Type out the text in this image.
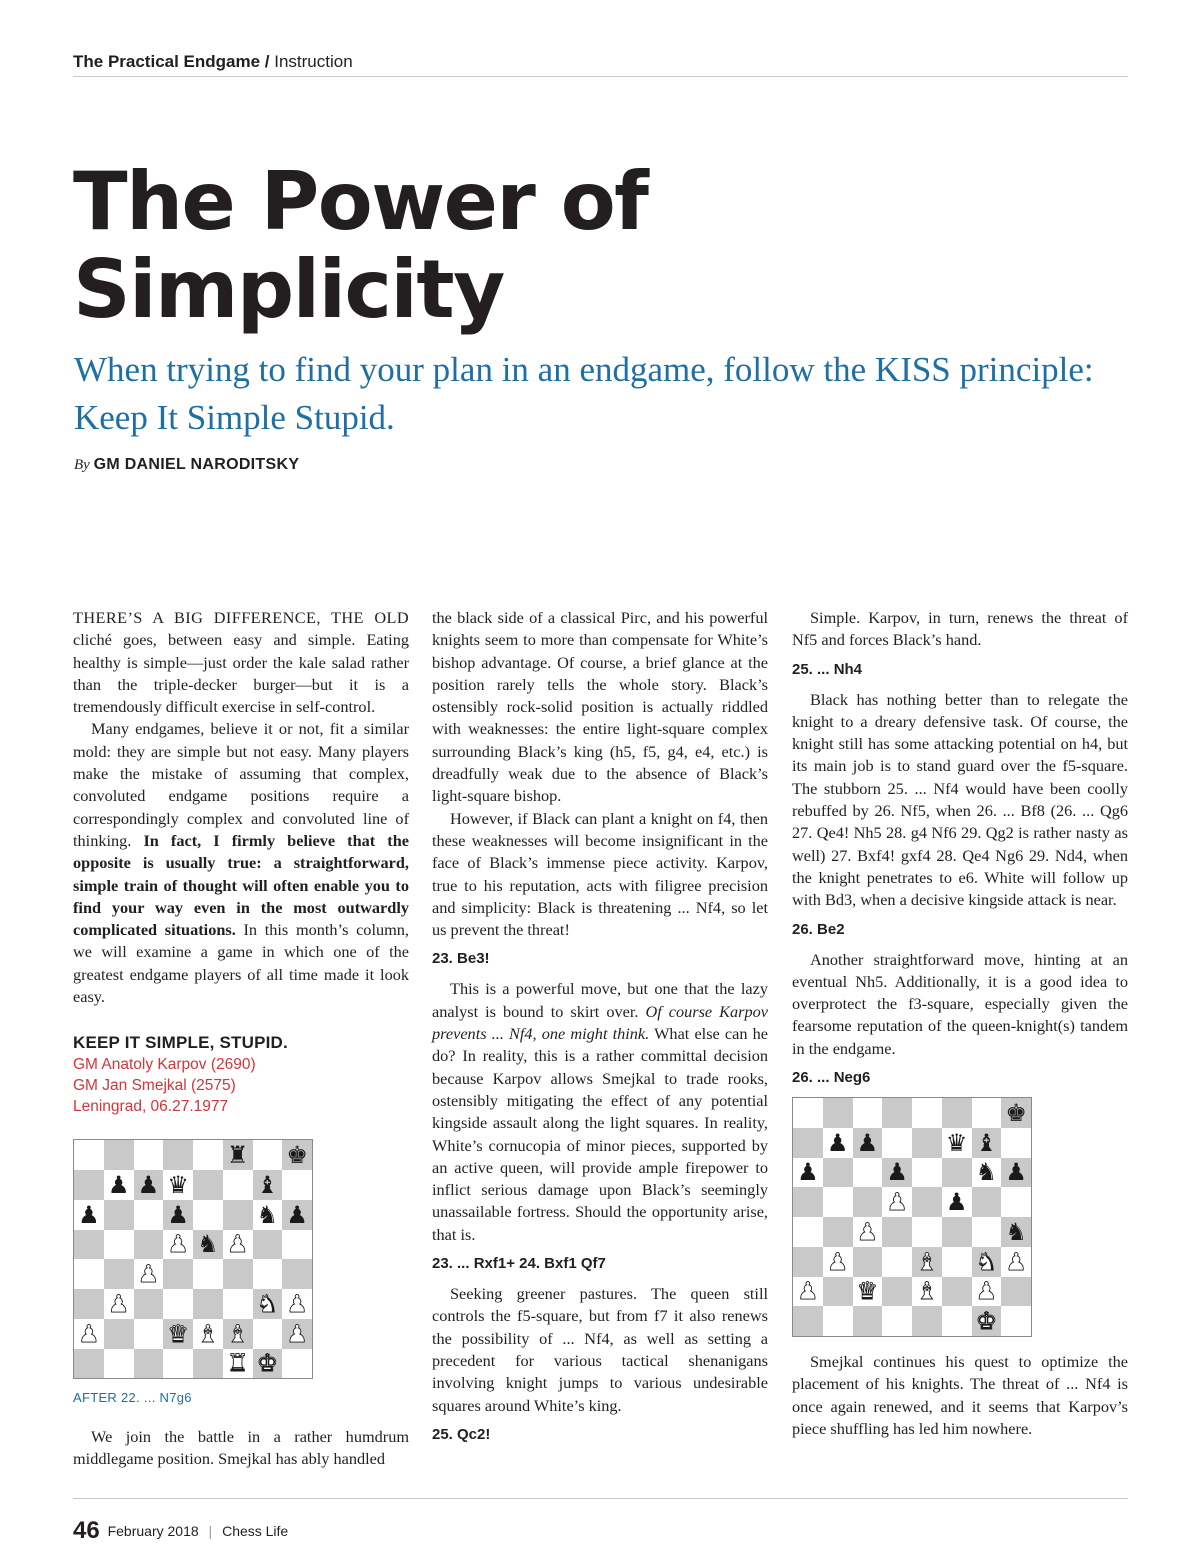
The Practical Endgame / Instruction
The Power of
Simplicity
When trying to find your plan in an endgame, follow the KISS principle: Keep It Simple Stupid.
By GM DANIEL NARODITSKY

THERE’S A BIG DIFFERENCE, THE OLD cliché goes, between easy and simple. Eating healthy is simple—just order the kale salad rather than the triple-decker burger—but it is a tremendously difficult exercise in self-control.

Many endgames, believe it or not, fit a similar mold: they are simple but not easy. Many players make the mistake of assuming that complex, convoluted endgame positions require a correspondingly complex and convoluted line of thinking. In fact, I firmly believe that the opposite is usually true: a straightforward, simple train of thought will often enable you to find your way even in the most outwardly complicated situations. In this month’s column, we will examine a game in which one of the greatest endgame players of all time made it look easy.

KEEP IT SIMPLE, STUPID.
GM Anatoly Karpov (2690)
GM Jan Smejkal (2575)
Leningrad, 06.27.1977
♜ ♚
♟ ♟ ♛	♝
♟	♟	♞ ♟
♟ ♞ ♟
♟
♟	♞ ♟
♟	♛ ♝ ♝ ♟
♜ ♚
AFTER 22. ... N7g6

We join the battle in a rather humdrum middlegame position. Smejkal has ably handled

the black side of a classical Pirc, and his powerful knights seem to more than compensate for White’s bishop advantage. Of course, a brief glance at the position rarely tells the whole story. Black’s ostensibly rock-solid position is actually riddled with weaknesses: the entire light-square complex surrounding Black’s king (h5, f5, g4, e4, etc.) is dreadfully weak due to the absence of Black’s light-square bishop.

However, if Black can plant a knight on f4, then these weaknesses will become insignificant in the face of Black’s immense piece activity. Karpov, true to his reputation, acts with filigree precision and simplicity: Black is threatening ... Nf4, so let us prevent the threat!

23. Be3!

This is a powerful move, but one that the lazy analyst is bound to skirt over. Of course Karpov prevents ... Nf4, one might think. What else can he do? In reality, this is a rather committal decision because Karpov allows Smejkal to trade rooks, ostensibly mitigating the effect of any potential kingside assault along the light squares. In reality, White’s cornucopia of minor pieces, supported by an active queen, will provide ample firepower to inflict serious damage upon Black’s seemingly unassailable fortress. Should the opportunity arise, that is.

23. ... Rxf1+ 24. Bxf1 Qf7

Seeking greener pastures. The queen still controls the f5-square, but from f7 it also renews the possibility of ... Nf4, as well as setting a precedent for various tactical shenanigans involving knight jumps to various undesirable squares around White’s king.

25. Qc2!

Simple. Karpov, in turn, renews the threat of Nf5 and forces Black’s hand.

25. ... Nh4

Black has nothing better than to relegate the knight to a dreary defensive task. Of course, the knight still has some attacking potential on h4, but its main job is to stand guard over the f5-square. The stubborn 25. ... Nf4 would have been coolly rebuffed by 26. Nf5, when 26. ... Bf8 (26. ... Qg6 27. Qe4! Nh5 28. g4 Nf6 29. Qg2 is rather nasty as well) 27. Bxf4! gxf4 28. Qe4 Ng6 29. Nd4, when the knight penetrates to e6. White will follow up with Bd3, when a decisive kingside attack is near.

26. Be2

Another straightforward move, hinting at an eventual Nh5. Additionally, it is a good idea to overprotect the f3-square, especially given the fearsome reputation of the queen-knight(s) tandem in the endgame.

26. ... Neg6
♚
♟ ♟	♛ ♝
♟	♟	♞ ♟
♟ ♟
♟	♞
♟	♝ ♞ ♟
♟ ♛ ♝ ♟
♚

Smejkal continues his quest to optimize the placement of his knights. The threat of ... Nf4 is once again renewed, and it seems that Karpov’s piece shuffling has led him nowhere.

46 February 2018 | Chess Life
